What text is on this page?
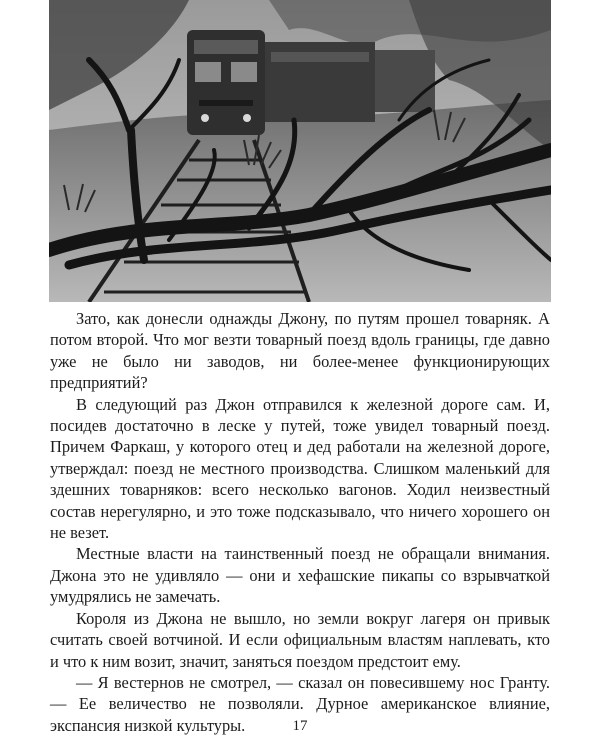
Зато, как донесли однажды Джону, по путям прошел товарняк. А потом второй. Что мог везти товарный поезд вдоль границы, где давно уже не было ни заводов, ни более-менее функционирующих предприятий?

В следующий раз Джон отправился к железной дороге сам. И, посидев достаточно в леске у путей, тоже увидел товарный поезд. Причем Фаркаш, у которого отец и дед работали на железной дороге, утверждал: поезд не местного производства. Слишком маленький для здешних товарняков: всего несколько вагонов. Ходил неизвестный состав нерегулярно, и это тоже подсказывало, что ничего хорошего он не везет.

Местные власти на таинственный поезд не обращали внимания. Джона это не удивляло — они и хефашские пикапы со взрывчаткой умудрялись не замечать.

Короля из Джона не вышло, но земли вокруг лагеря он привык считать своей вотчиной. И если официальным властям наплевать, кто и что к ним возит, значит, заняться поездом предстоит ему.

— Я вестернов не смотрел, — сказал он повесившему нос Гранту. — Ее величество не позволяли. Дурное американское влияние, экспансия низкой культуры.	17
